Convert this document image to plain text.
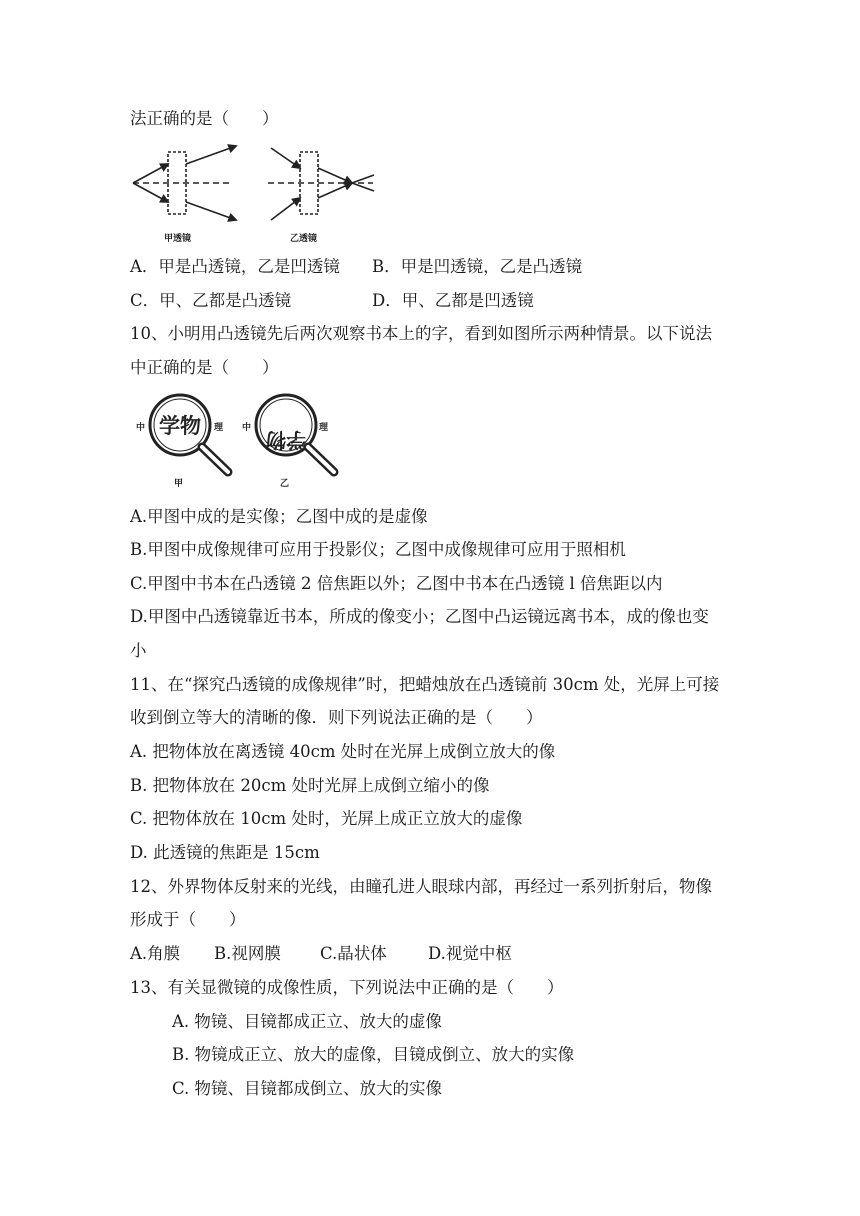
法正确的是（　　）
甲透镜	乙透镜
A．甲是凸透镜，乙是凹透镜 B．甲是凹透镜，乙是凸透镜
C．甲、乙都是凸透镜	D．甲、乙都是凹透镜
10、小明用凸透镜先后两次观察书本上的字，看到如图所示两种情景。以下说法
中正确的是（　　）
中 学物 理
甲
中 学物 理
乙
A.甲图中成的是实像；乙图中成的是虚像
B.甲图中成像规律可应用于投影仪；乙图中成像规律可应用于照相机
C.甲图中书本在凸透镜 2 倍焦距以外；乙图中书本在凸透镜 l 倍焦距以内
D.甲图中凸透镜靠近书本，所成的像变小；乙图中凸运镜远离书本，成的像也变
小
11、在“探究凸透镜的成像规律”时，把蜡烛放在凸透镜前 30cm 处，光屏上可接
收到倒立等大的清晰的像．则下列说法正确的是（　　）
A. 把物体放在离透镜 40cm 处时在光屏上成倒立放大的像
B. 把物体放在 20cm 处时光屏上成倒立缩小的像
C. 把物体放在 10cm 处时，光屏上成正立放大的虚像
D. 此透镜的焦距是 15cm
12、外界物体反射来的光线，由瞳孔进人眼球内部，再经过一系列折射后，物像
形成于（　　）
A.角膜 B.视网膜 C.晶状体 D.视觉中枢
13、有关显微镜的成像性质，下列说法中正确的是（　　）
A. 物镜、目镜都成正立、放大的虚像
B. 物镜成正立、放大的虚像，目镜成倒立、放大的实像
C. 物镜、目镜都成倒立、放大的实像
